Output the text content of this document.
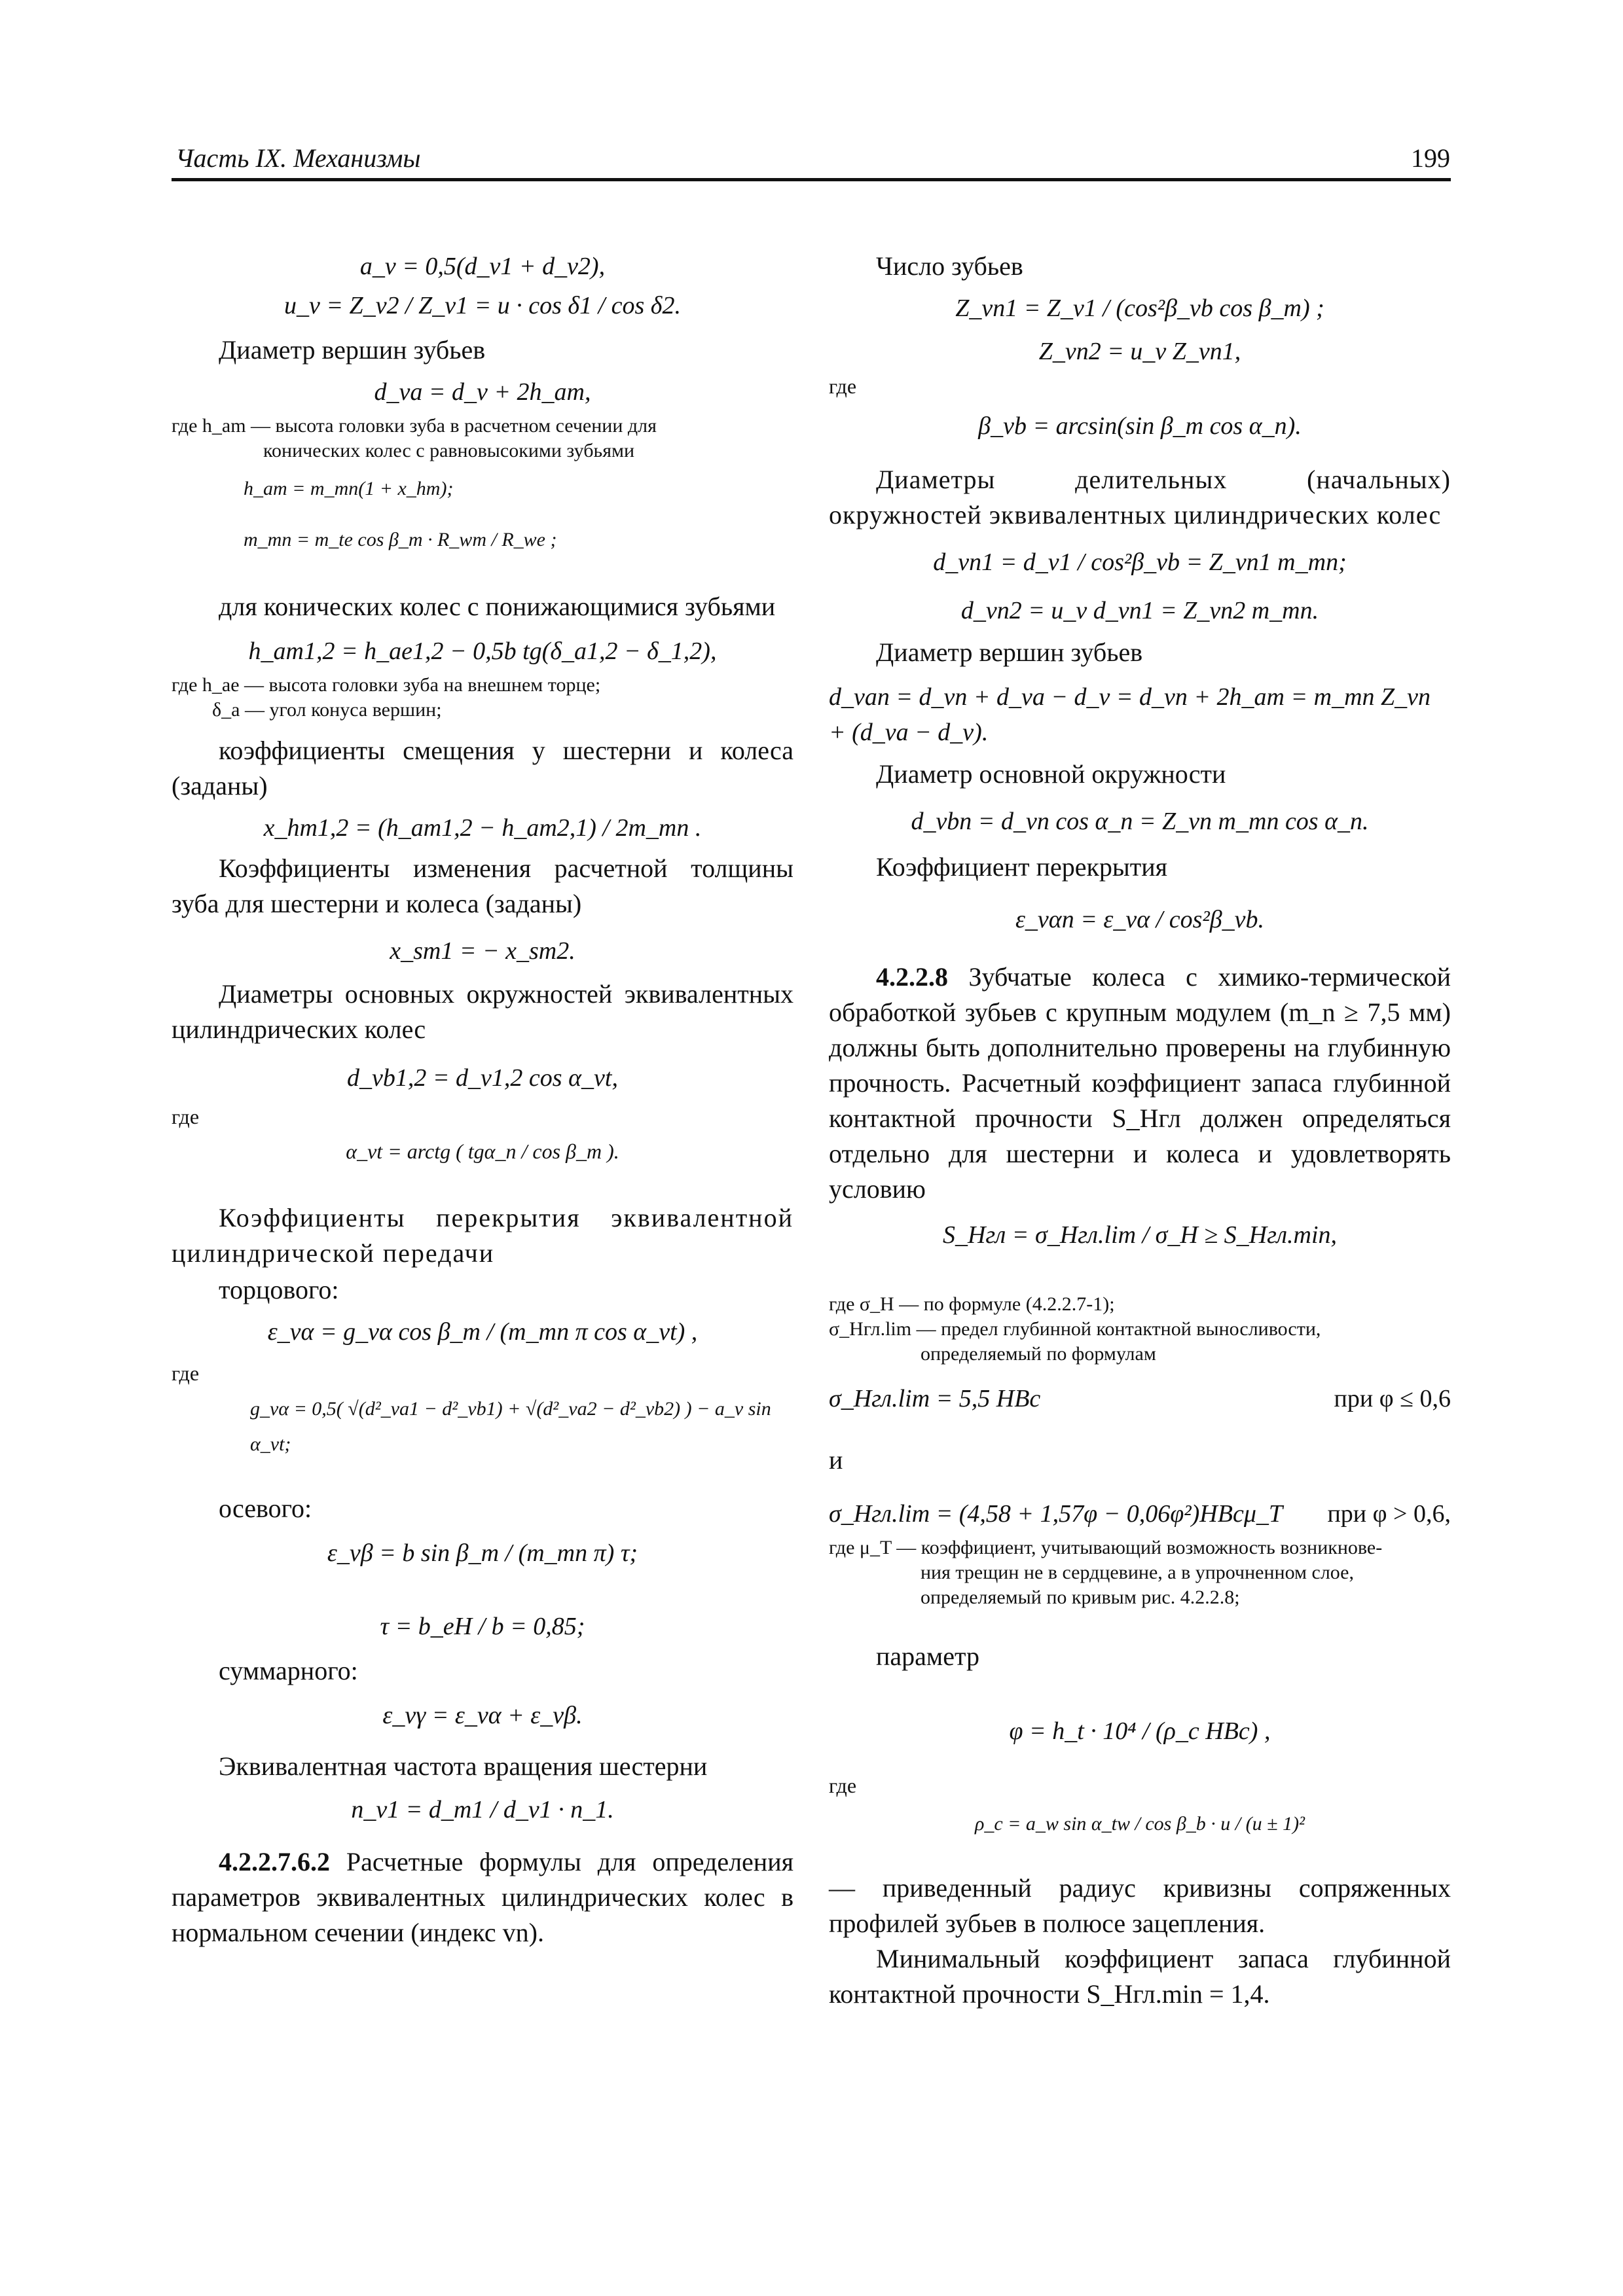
Часть IX. Механизмы	199
a_v = 0,5(d_v1 + d_v2),
u_v = Z_v2 / Z_v1 = u · cos δ1 / cos δ2.

Диаметр вершин зубьев

d_va = d_v + 2h_am,
где h_am — высота головки зуба в расчетном сечении для
конических колес с равновысокими зубьями
h_am = m_mn(1 + x_hm);
m_mn = m_te cos β_m · R_wm / R_we ;

для конических колес с понижающимися зубьями

h_am1,2 = h_ae1,2 − 0,5b tg(δ_a1,2 − δ_1,2),
где h_ae — высота головки зуба на внешнем торце;
δ_a — угол конуса вершин;

коэффициенты смещения у шестерни и колеса (заданы)

x_hm1,2 = (h_am1,2 − h_am2,1) / 2m_mn .

Коэффициенты изменения расчетной толщины зуба для шестерни и колеса (заданы)

x_sm1 = − x_sm2.

Диаметры основных окружностей эквивалентных цилиндрических колес

d_vb1,2 = d_v1,2 cos α_vt,
где
α_vt = arctg ( tgα_n / cos β_m ).

Коэффициенты перекрытия эквивалентной цилиндрической передачи

торцового:

ε_vα = g_vα cos β_m / (m_mn π cos α_vt) ,
где
g_vα = 0,5( √(d²_va1 − d²_vb1) + √(d²_va2 − d²_vb2) ) − a_v sin α_vt;

осевого:

ε_vβ = b sin β_m / (m_mn π) τ;
τ = b_eH / b = 0,85;

суммарного:

ε_vγ = ε_vα + ε_vβ.

Эквивалентная частота вращения шестерни

n_v1 = d_m1 / d_v1 · n_1.

4.2.2.7.6.2 Расчетные формулы для определения параметров эквивалентных цилиндрических колес в нормальном сечении (индекс vn).

Число зубьев

Z_vn1 = Z_v1 / (cos²β_vb cos β_m) ;
Z_vn2 = u_v Z_vn1,
где
β_vb = arcsin(sin β_m cos α_n).

Диаметры делительных (начальных) окружностей эквивалентных цилиндрических колес

d_vn1 = d_v1 / cos²β_vb = Z_vn1 m_mn;
d_vn2 = u_v d_vn1 = Z_vn2 m_mn.

Диаметр вершин зубьев

d_van = d_vn + d_va − d_v = d_vn + 2h_am = m_mn Z_vn + (d_va − d_v).

Диаметр основной окружности

d_vbn = d_vn cos α_n = Z_vn m_mn cos α_n.

Коэффициент перекрытия

ε_vαn = ε_vα / cos²β_vb.

4.2.2.8 Зубчатые колеса с химико-термической обработкой зубьев с крупным модулем (m_n ≥ 7,5 мм) должны быть дополнительно проверены на глубинную прочность. Расчетный коэффициент запаса глубинной контактной прочности S_Hгл должен определяться отдельно для шестерни и колеса и удовлетворять условию

S_Hгл = σ_Hгл.lim / σ_H ≥ S_Hгл.min,
где σ_H — по формуле (4.2.2.7-1);
σ_Hгл.lim — предел глубинной контактной выносливости,
определяемый по формулам
σ_Hгл.lim = 5,5 HBc	при φ ≤ 0,6

и

σ_Hгл.lim = (4,58 + 1,57φ − 0,06φ²)HBcμ_T при φ > 0,6,
где μ_T — коэффициент, учитывающий возможность возникнове-
ния трещин не в сердцевине, а в упрочненном слое,
определяемый по кривым рис. 4.2.2.8;

параметр

φ = h_t · 10⁴ / (ρ_c HBc) ,
где
ρ_c = a_w sin α_tw / cos β_b · u / (u ± 1)²

— приведенный радиус кривизны сопряженных профилей зубьев в полюсе зацепления.

Минимальный коэффициент запаса глубинной контактной прочности S_Hгл.min = 1,4.
